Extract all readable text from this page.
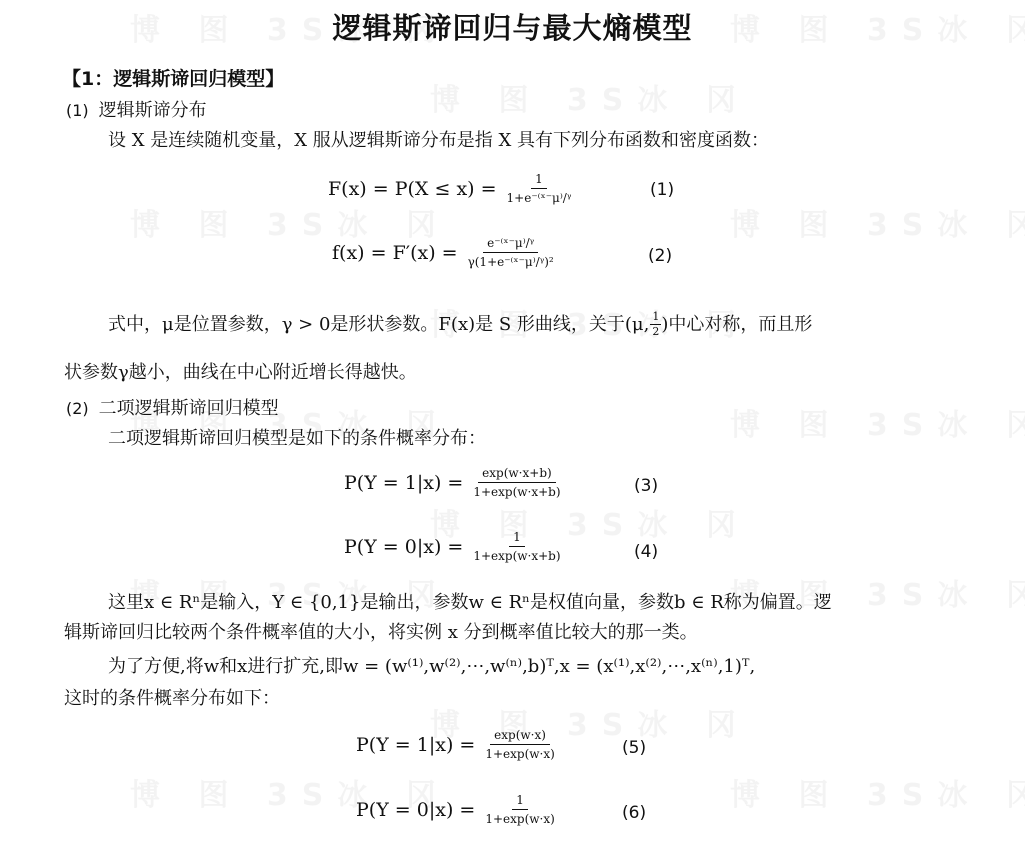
逻辑斯谛回归与最大熵模型
【1：逻辑斯谛回归模型】
(1) 逻辑斯谛分布
设 X 是连续随机变量，X 服从逻辑斯谛分布是指 X 具有下列分布函数和密度函数：
$F(x) = P(X \le x) = \frac{1}{\text{1+e⁻⁽ˣ⁻μ⁾/ᵞ}}$	(1)
$f(x) = F'(x) = \frac{\text{e⁻⁽ˣ⁻μ⁾/ᵞ}}{\text{γ(1+e⁻⁽ˣ⁻μ⁾/ᵞ)²}}$	(2)
式中，μ是位置参数，γ > 0是形状参数。F(x)是 S 形曲线，关于(μ, $\frac{1}{2}$ )中心对称，而且形
状参数γ越小，曲线在中心附近增长得越快。
(2) 二项逻辑斯谛回归模型
二项逻辑斯谛回归模型是如下的条件概率分布：
$P(Y = 1|x) = \frac{\exp(w\cdot x+b)}{1+\exp(w\cdot x+b)}$	(3)
$P(Y = 0|x) = \frac{1}{1+\exp(w\cdot x+b)}$	(4)
这里x ∈ Rⁿ是输入，Y ∈ {0,1}是输出，参数w ∈ Rⁿ是权值向量，参数b ∈ R称为偏置。逻
辑斯谛回归比较两个条件概率值的大小，将实例 x 分到概率值比较大的那一类。
为了方便,将w和x进行扩充,即w = (w⁽¹⁾,w⁽²⁾,⋯,w⁽ⁿ⁾,b)ᵀ,x = (x⁽¹⁾,x⁽²⁾,⋯,x⁽ⁿ⁾,1)ᵀ,
这时的条件概率分布如下：
$P(Y = 1|x) = \frac{\exp(w\cdot x)}{1+\exp(w\cdot x)}$	(5)
$P(Y = 0|x) = \frac{1}{1+\exp(w\cdot x)}$	(6)
